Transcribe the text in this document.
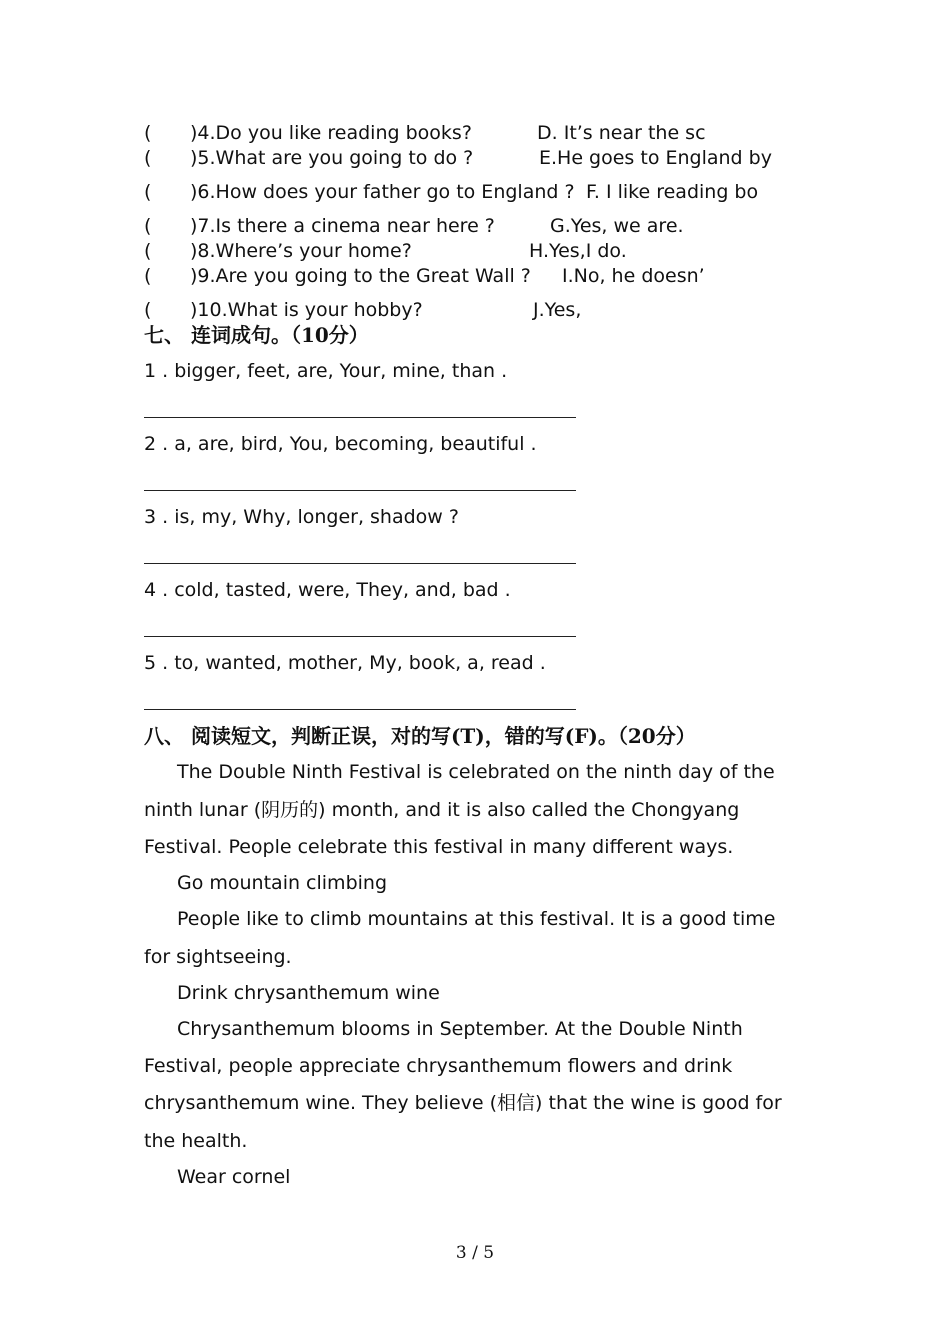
( )4.Do you like reading books?	D. It’s near the sc
( )5.What are you going to do ?	E.He goes to England by
( )6.How does your father go to England ? F. I like reading bo
( )7.Is there a cinema near here ?	G.Yes, we are.
( )8.Where’s your home?	H.Yes,I do.
( )9.Are you going to the Great Wall ? I.No, he doesn’
( )10.What is your hobby?	J.Yes,
七、 连词成句。（10分）
1 . bigger, feet, are, Your, mine, than .
2 . a, are, bird, You, becoming, beautiful .
3 . is, my, Why, longer, shadow ?
4 . cold, tasted, were, They, and, bad .
5 . to, wanted, mother, My, book, a, read .
八、 阅读短文，判断正误，对的写(T)，错的写(F)。（20分）
The Double Ninth Festival is celebrated on the ninth day of the
ninth lunar (阴历的) month, and it is also called the Chongyang
Festival. People celebrate this festival in many different ways.
Go mountain climbing
People like to climb mountains at this festival. It is a good time
for sightseeing.
Drink chrysanthemum wine
Chrysanthemum blooms in September. At the Double Ninth
Festival, people appreciate chrysanthemum flowers and drink
chrysanthemum wine. They believe (相信) that the wine is good for
the health.
Wear cornel
3 / 5
